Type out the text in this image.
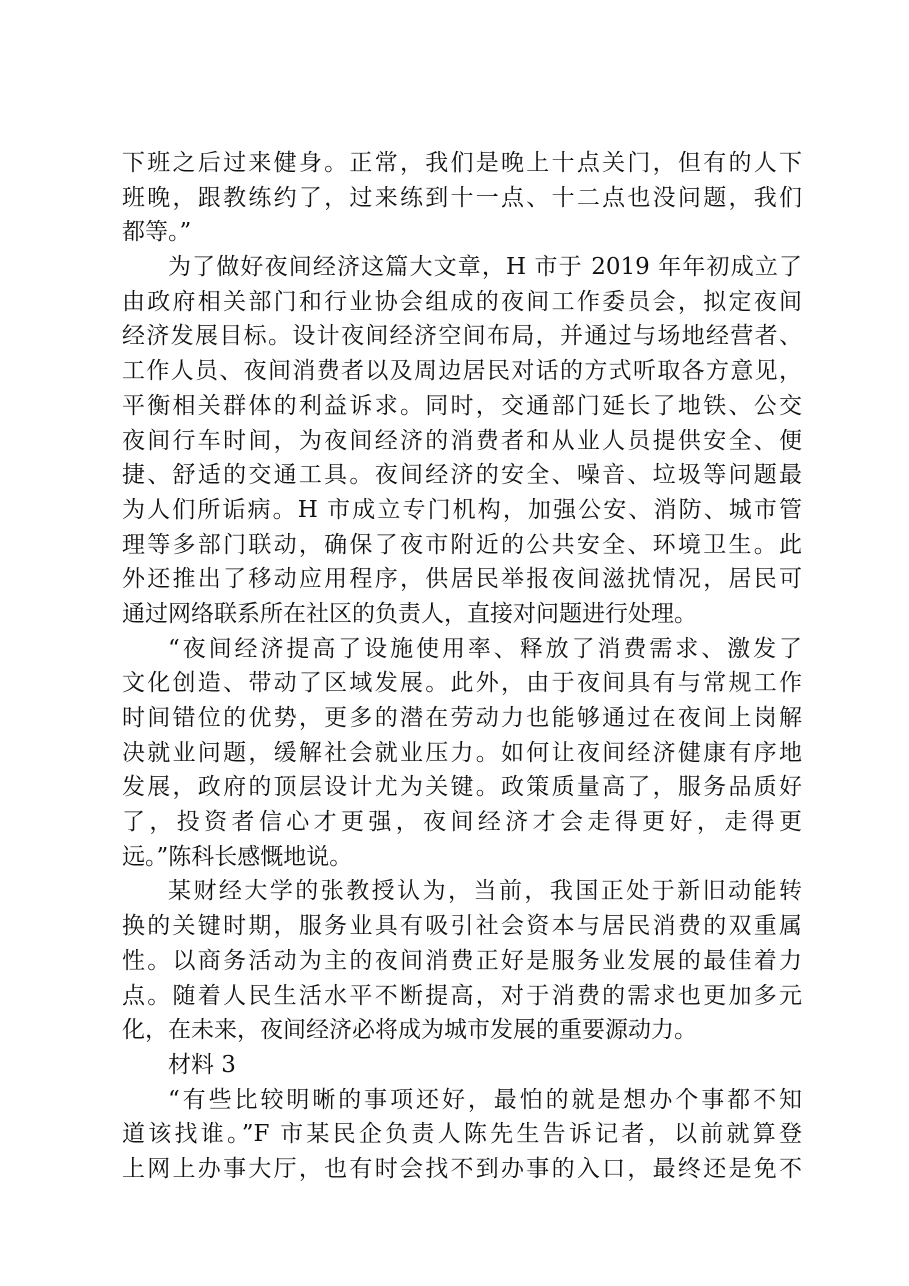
下班之后过来健身。正常，我们是晚上十点关门，但有的人下
班晚，跟教练约了，过来练到十一点、十二点也没问题，我们
都等。”
为了做好夜间经济这篇大文章，H 市于 2019 年年初成立了
由政府相关部门和行业协会组成的夜间工作委员会，拟定夜间
经济发展目标。设计夜间经济空间布局，并通过与场地经营者、
工作人员、夜间消费者以及周边居民对话的方式听取各方意见，
平衡相关群体的利益诉求。同时，交通部门延长了地铁、公交
夜间行车时间，为夜间经济的消费者和从业人员提供安全、便
捷、舒适的交通工具。夜间经济的安全、噪音、垃圾等问题最
为人们所诟病。H 市成立专门机构，加强公安、消防、城市管
理等多部门联动，确保了夜市附近的公共安全、环境卫生。此
外还推出了移动应用程序，供居民举报夜间滋扰情况，居民可
通过网络联系所在社区的负责人，直接对问题进行处理。
“夜间经济提高了设施使用率、释放了消费需求、激发了
文化创造、带动了区域发展。此外，由于夜间具有与常规工作
时间错位的优势，更多的潜在劳动力也能够通过在夜间上岗解
决就业问题，缓解社会就业压力。如何让夜间经济健康有序地
发展，政府的顶层设计尤为关键。政策质量高了，服务品质好
了，投资者信心才更强，夜间经济才会走得更好，走得更
远。”陈科长感慨地说。
某财经大学的张教授认为，当前，我国正处于新旧动能转
换的关键时期，服务业具有吸引社会资本与居民消费的双重属
性。以商务活动为主的夜间消费正好是服务业发展的最佳着力
点。随着人民生活水平不断提高，对于消费的需求也更加多元
化，在未来，夜间经济必将成为城市发展的重要源动力。
材料 3
“有些比较明晰的事项还好，最怕的就是想办个事都不知
道该找谁。”F 市某民企负责人陈先生告诉记者，以前就算登
上网上办事大厅，也有时会找不到办事的入口，最终还是免不
